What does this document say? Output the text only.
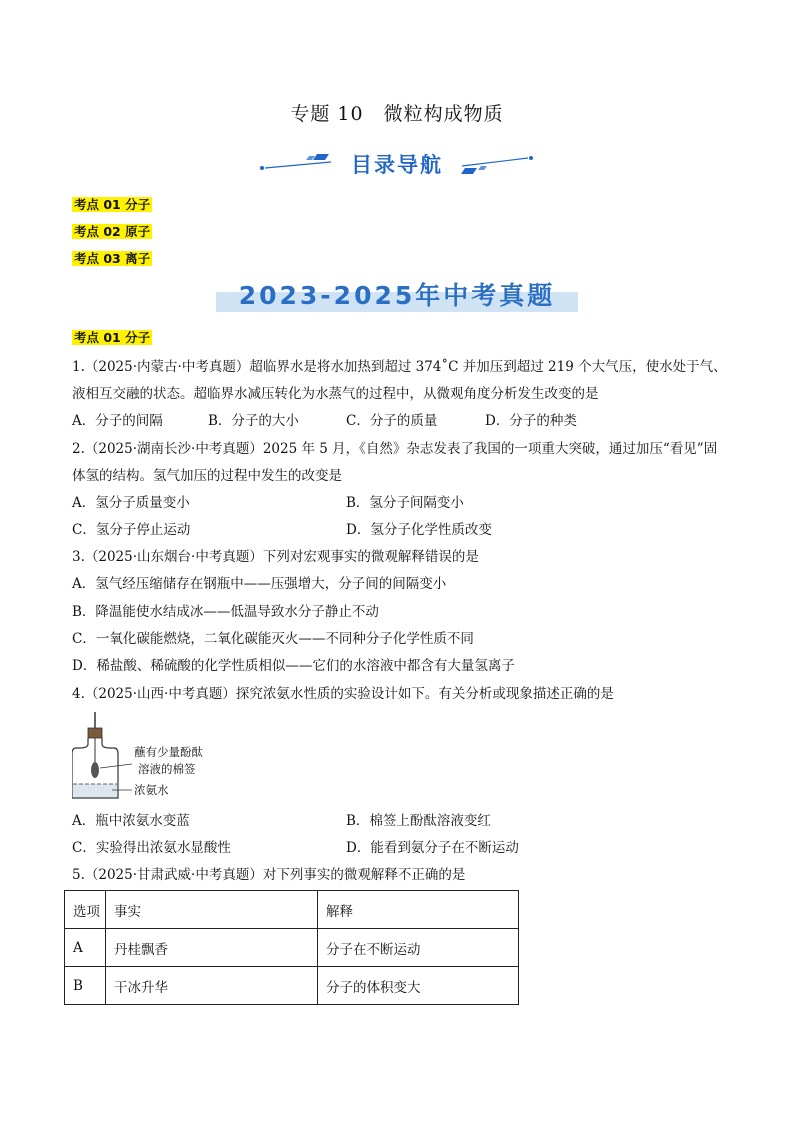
专题 10　微粒构成物质
目录导航
考点 01 分子
考点 02 原子
考点 03 离子
2023-2025年中考真题
考点 01 分子
1.（2025·内蒙古·中考真题）超临界水是将水加热到超过 374˚C 并加压到超过 219 个大气压，使水处于气、
液相互交融的状态。超临界水减压转化为水蒸气的过程中，从微观角度分析发生改变的是
A．分子的间隔	B．分子的大小	C．分子的质量	D．分子的种类
2.（2025·湖南长沙·中考真题）2025 年 5 月，《自然》杂志发表了我国的一项重大突破，通过加压“看见”固
体氢的结构。氢气加压的过程中发生的改变是
A．氢分子质量变小	B．氢分子间隔变小
C．氢分子停止运动	D．氢分子化学性质改变
3.（2025·山东烟台·中考真题）下列对宏观事实的微观解释错误的是
A．氢气经压缩储存在钢瓶中——压强增大，分子间的间隔变小
B．降温能使水结成冰——低温导致水分子静止不动
C．一氧化碳能燃烧，二氧化碳能灭火——不同种分子化学性质不同
D．稀盐酸、稀硫酸的化学性质相似——它们的水溶液中都含有大量氢离子
4.（2025·山西·中考真题）探究浓氨水性质的实验设计如下。有关分析或现象描述正确的是
蘸有少量酚酞
溶液的棉签
浓氨水
A．瓶中浓氨水变蓝	B．棉签上酚酞溶液变红
C．实验得出浓氨水显酸性	D．能看到氨分子在不断运动
5.（2025·甘肃武威·中考真题）对下列事实的微观解释不正确的是
选项	事实	解释
A	丹桂飘香	分子在不断运动
B	干冰升华	分子的体积变大
